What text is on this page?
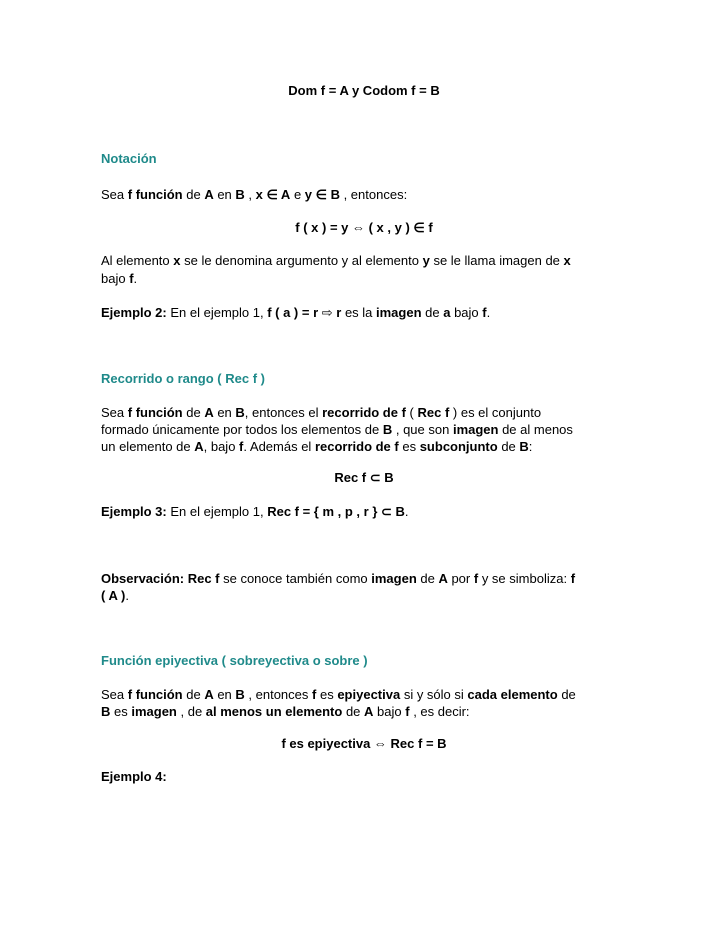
Dom f = A y Codom f = B
Notación
Sea f función de A en B , x ∈ A e y ∈ B , entonces:
f ( x ) = y ⇔ ( x , y ) ∈ f
Al elemento x se le denomina argumento y al elemento y se le llama imagen de x
bajo f.
Ejemplo 2: En el ejemplo 1, f ( a ) = r ⇨ r es la imagen de a bajo f.
Recorrido o rango ( Rec f )
Sea f función de A en B, entonces el recorrido de f ( Rec f ) es el conjunto
formado únicamente por todos los elementos de B , que son imagen de al menos
un elemento de A, bajo f. Además el recorrido de f es subconjunto de B:
Rec f ⊂ B
Ejemplo 3: En el ejemplo 1, Rec f = { m , p , r } ⊂ B.
Observación: Rec f se conoce también como imagen de A por f y se simboliza: f
( A ).
Función epiyectiva ( sobreyectiva o sobre )
Sea f función de A en B , entonces f es epiyectiva si y sólo si cada elemento de
B es imagen , de al menos un elemento de A bajo f , es decir:
f es epiyectiva ⇔ Rec f = B
Ejemplo 4:
